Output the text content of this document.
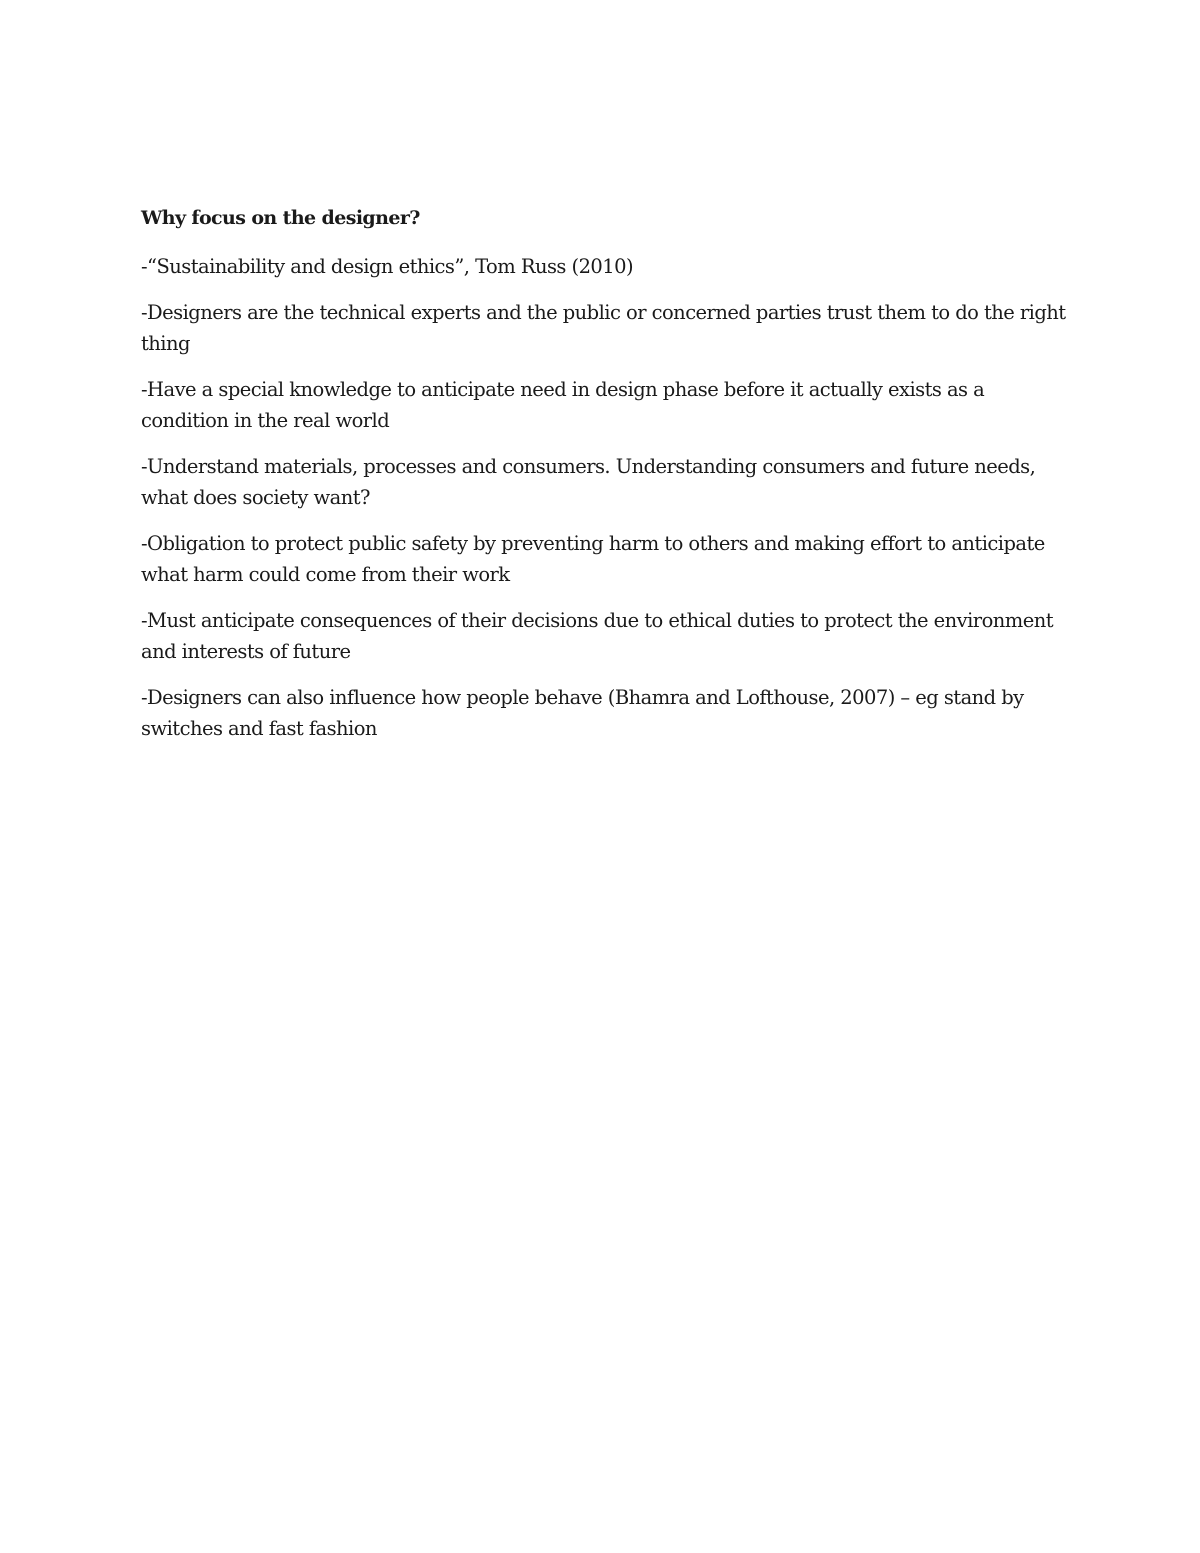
Why focus on the designer?

-“Sustainability and design ethics”, Tom Russ (2010)

-Designers are the technical experts and the public or concerned parties trust them to do the right thing

-Have a special knowledge to anticipate need in design phase before it actually exists as a condition in the real world

-Understand materials, processes and consumers. Understanding consumers and future needs, what does society want?

-Obligation to protect public safety by preventing harm to others and making effort to anticipate what harm could come from their work

-Must anticipate consequences of their decisions due to ethical duties to protect the environment and interests of future

-Designers can also influence how people behave (Bhamra and Lofthouse, 2007) – eg stand by switches and fast fashion
